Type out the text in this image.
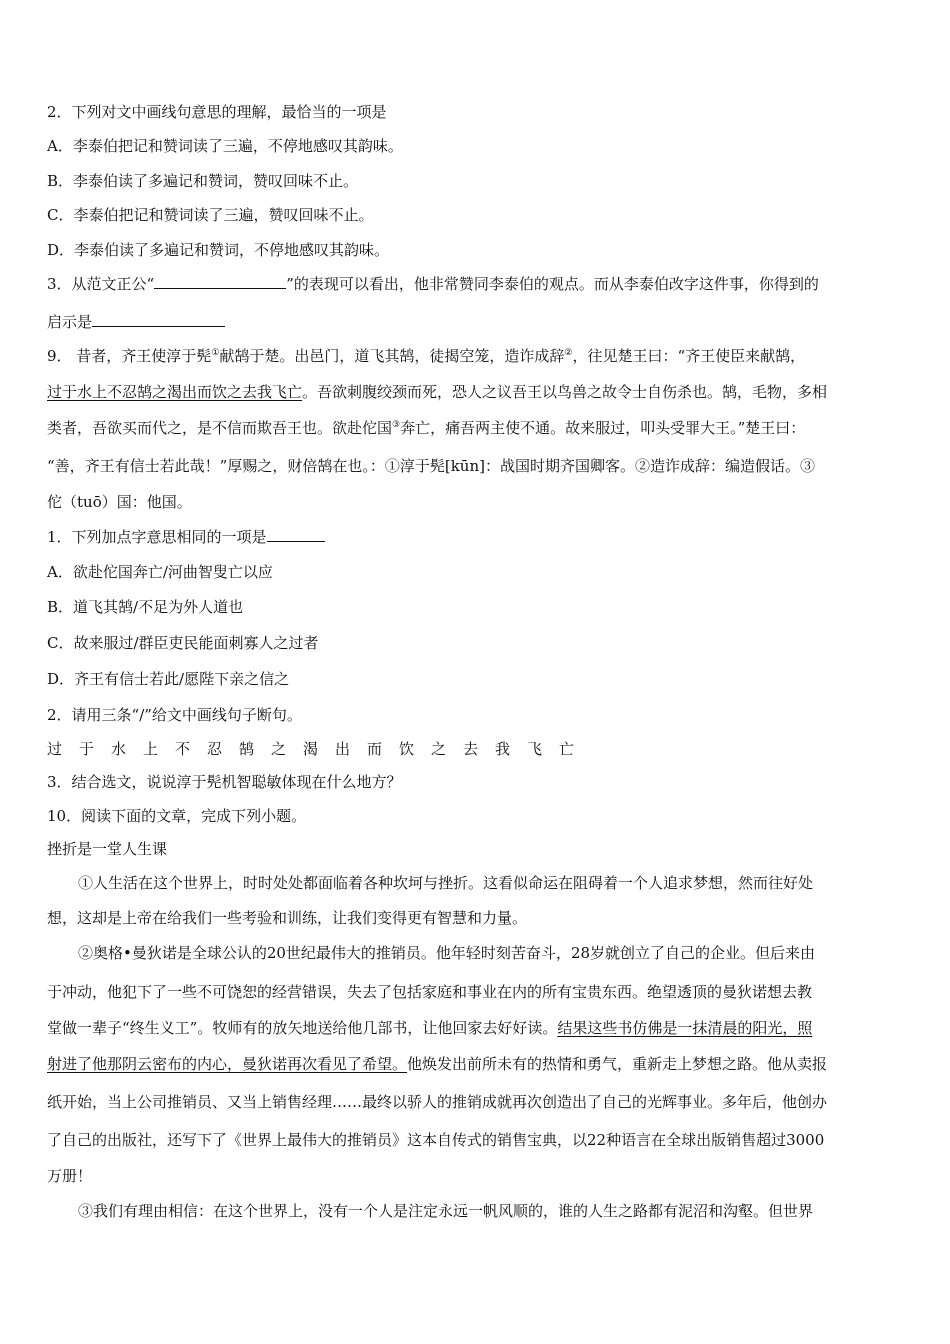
2．下列对文中画线句意思的理解，最恰当的一项是
A．李泰伯把记和赞词读了三遍，不停地感叹其韵味。
B．李泰伯读了多遍记和赞词，赞叹回味不止。
C．李泰伯把记和赞词读了三遍，赞叹回味不止。
D．李泰伯读了多遍记和赞词，不停地感叹其韵味。
3．从范文正公“	”的表现可以看出，他非常赞同李泰伯的观点。而从李泰伯改字这件事，你得到的
启示是
9． 昔者，齐王使淳于髡①献鹄于楚。出邑门，道飞其鹄，徒揭空笼，造诈成辞②，往见楚王曰：“齐王使臣来献鹄，
过于水上不忍鹄之渴出而饮之去我飞亡。吾欲刺腹绞颈而死，恐人之议吾王以鸟兽之故令士自伤杀也。鹄，毛物，多相
类者，吾欲买而代之，是不信而欺吾王也。欲赴佗国③奔亡，痛吾两主使不通。故来服过，叩头受罪大王。”楚王曰：
“善，齐王有信士若此哉！”厚赐之，财倍鹄在也。：①淳于髡[kūn]：战国时期齐国卿客。②造诈成辞：编造假话。③
佗（tuō）国：他国。
1．下列加点字意思相同的一项是
A．欲赴佗国奔亡/河曲智叟亡以应
B．道飞其鹄/不足为外人道也
C．故来服过/群臣吏民能面刺寡人之过者
D．齐王有信士若此/愿陛下亲之信之
2．请用三条“/”给文中画线句子断句。
过于水上不忍鹄之渴出而饮之去我飞亡
3．结合选文，说说淳于髡机智聪敏体现在什么地方？
10．阅读下面的文章，完成下列小题。
挫折是一堂人生课
①人生活在这个世界上，时时处处都面临着各种坎坷与挫折。这看似命运在阻碍着一个人追求梦想，然而往好处
想，这却是上帝在给我们一些考验和训练，让我们变得更有智慧和力量。
②奥格•曼狄诺是全球公认的20世纪最伟大的推销员。他年轻时刻苦奋斗，28岁就创立了自己的企业。但后来由
于冲动，他犯下了一些不可饶恕的经营错误，失去了包括家庭和事业在内的所有宝贵东西。绝望透顶的曼狄诺想去教
堂做一辈子“终生义工”。牧师有的放矢地送给他几部书，让他回家去好好读。结果这些书仿佛是一抹清晨的阳光，照
射进了他那阴云密布的内心，曼狄诺再次看见了希望。他焕发出前所未有的热情和勇气，重新走上梦想之路。他从卖报
纸开始，当上公司推销员、又当上销售经理……最终以骄人的推销成就再次创造出了自己的光辉事业。多年后，他创办
了自己的出版社，还写下了《世界上最伟大的推销员》这本自传式的销售宝典，以22种语言在全球出版销售超过3000
万册！
③我们有理由相信：在这个世界上，没有一个人是注定永远一帆风顺的，谁的人生之路都有泥沼和沟壑。但世界
